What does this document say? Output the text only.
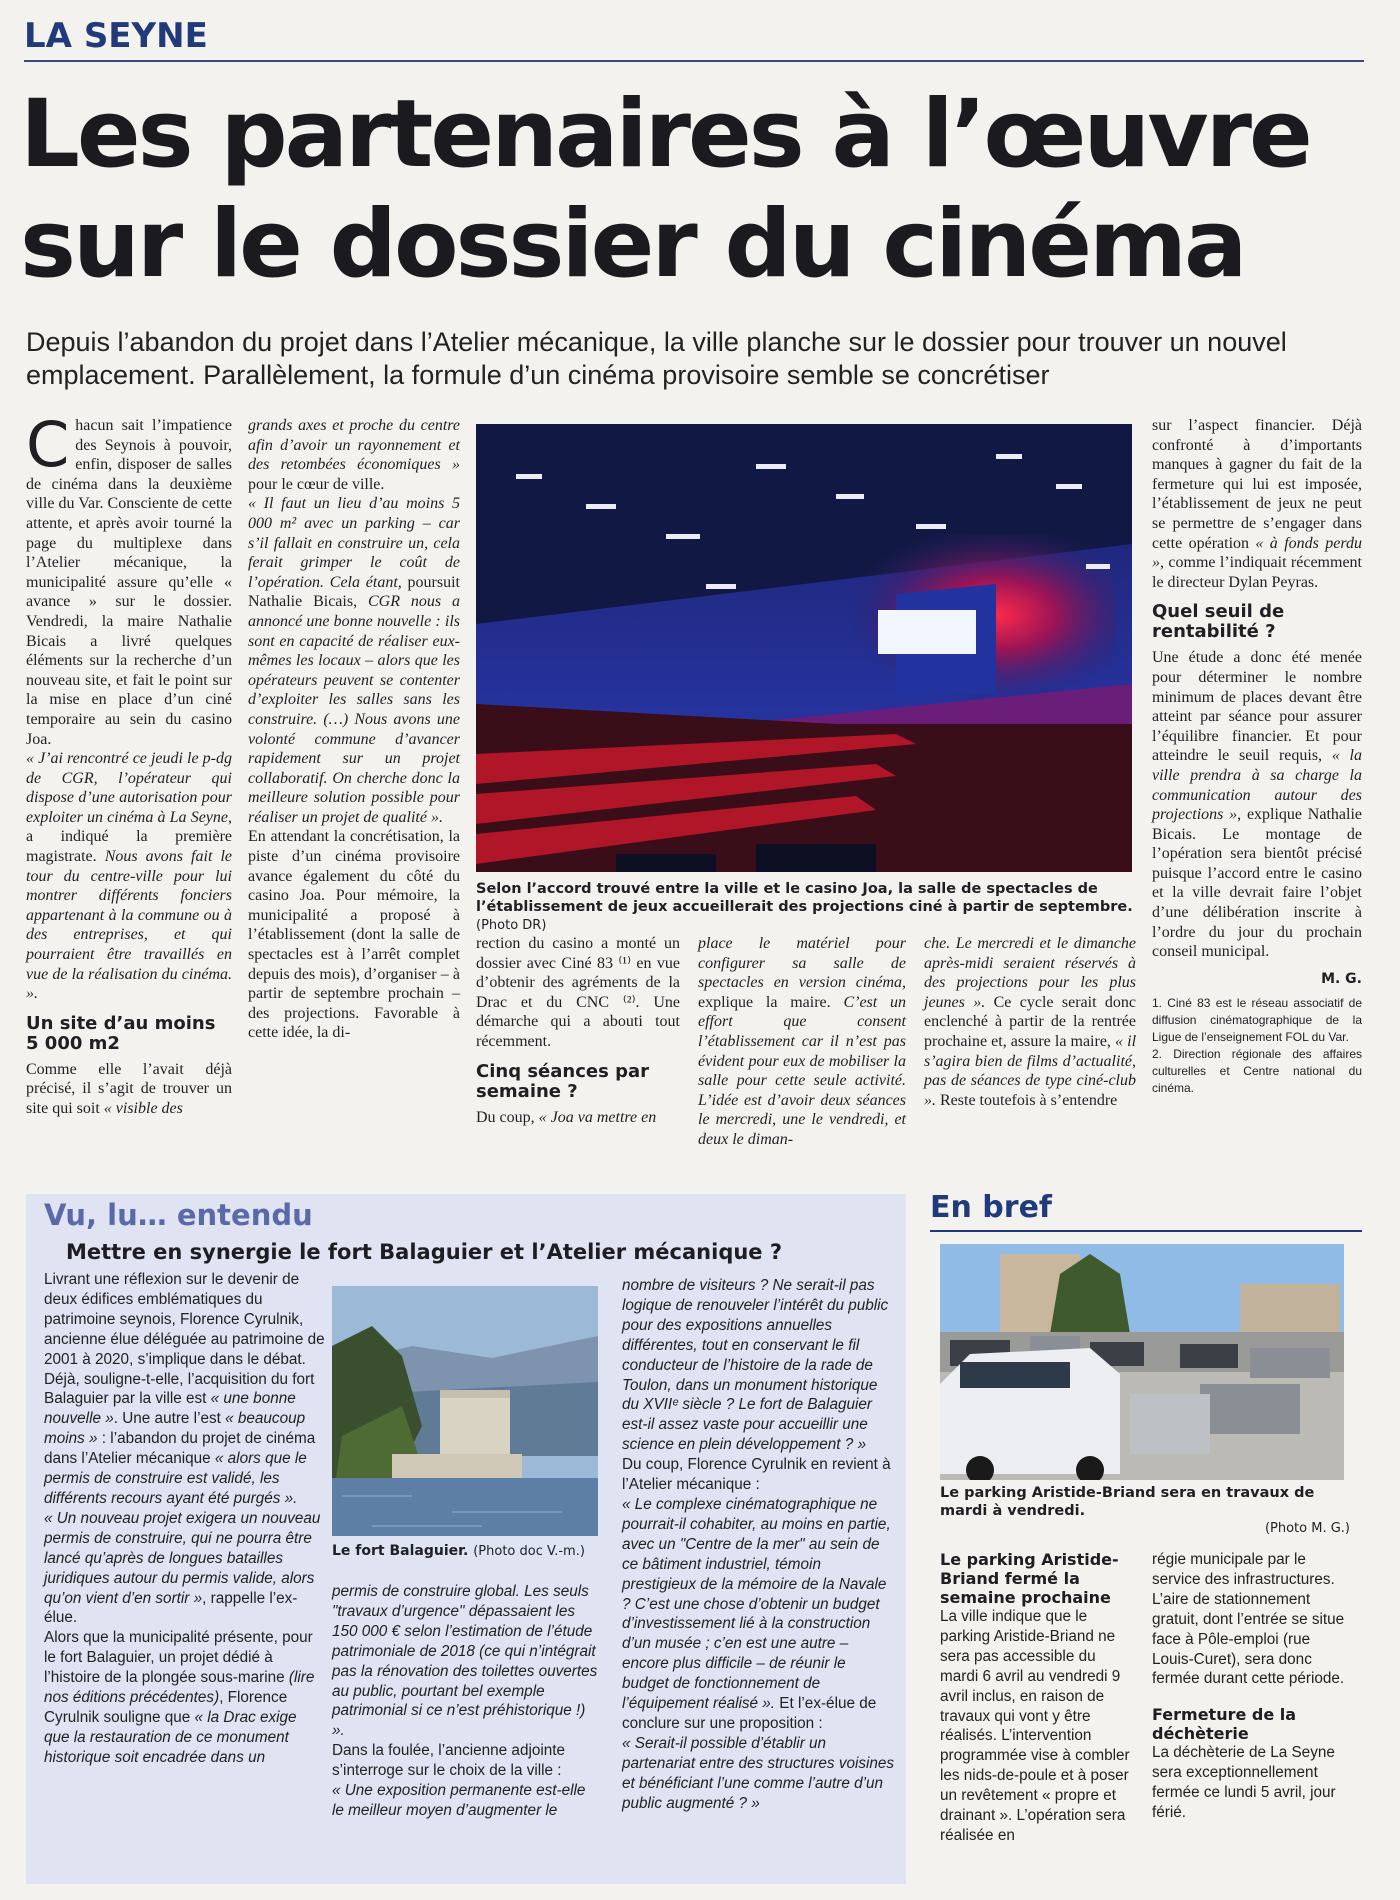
LA SEYNE
Les partenaires à l’œuvre
sur le dossier du cinéma
Depuis l’abandon du projet dans l’Atelier mécanique, la ville planche sur le dossier pour trouver un nouvel emplacement. Parallèlement, la formule d’un cinéma provisoire semble se concrétiser

Chacun sait l’impatience des Seynois à pouvoir, enfin, disposer de salles de cinéma dans la deuxième ville du Var. Consciente de cette attente, et après avoir tourné la page du multiplexe dans l’Atelier mécanique, la municipalité assure qu’elle « avance » sur le dossier. Vendredi, la maire Nathalie Bicais a livré quelques éléments sur la recherche d’un nouveau site, et fait le point sur la mise en place d’un ciné temporaire au sein du casino Joa.

« J’ai rencontré ce jeudi le p-dg de CGR, l’opérateur qui dispose d’une autorisation pour exploiter un cinéma à La Seyne, a indiqué la première magistrate. Nous avons fait le tour du centre-ville pour lui montrer différents fonciers appartenant à la commune ou à des entreprises, et qui pourraient être travaillés en vue de la réalisation du cinéma. ».

Un site d’au moins 5 000 m2

Comme elle l’avait déjà précisé, il s’agit de trouver un site qui soit « visible des

grands axes et proche du centre afin d’avoir un rayonnement et des retombées économiques » pour le cœur de ville.

« Il faut un lieu d’au moins 5 000 m² avec un parking – car s’il fallait en construire un, cela ferait grimper le coût de l’opération. Cela étant, poursuit Nathalie Bicais, CGR nous a annoncé une bonne nouvelle : ils sont en capacité de réaliser eux-mêmes les locaux – alors que les opérateurs peuvent se contenter d’exploiter les salles sans les construire. (…) Nous avons une volonté commune d’avancer rapidement sur un projet collaboratif. On cherche donc la meilleure solution possible pour réaliser un projet de qualité ».

En attendant la concrétisation, la piste d’un cinéma provisoire avance également du côté du casino Joa. Pour mémoire, la municipalité a proposé à l’établissement (dont la salle de spectacles est à l’arrêt complet depuis des mois), d’organiser – à partir de septembre prochain – des projections. Favorable à cette idée, la di-

Selon l’accord trouvé entre la ville et le casino Joa, la salle de spectacles de l’établissement de jeux accueillerait des projections ciné à partir de septembre. (Photo DR)

rection du casino a monté un dossier avec Ciné 83 ⁽¹⁾ en vue d’obtenir des agréments de la Drac et du CNC ⁽²⁾. Une démarche qui a abouti tout récemment.

Cinq séances par semaine ?

Du coup, « Joa va mettre en

place le matériel pour configurer sa salle de spectacles en version cinéma, explique la maire. C’est un effort que consent l’établissement car il n’est pas évident pour eux de mobiliser la salle pour cette seule activité. L’idée est d’avoir deux séances le mercredi, une le vendredi, et deux le diman-

che. Le mercredi et le dimanche après-midi seraient réservés à des projections pour les plus jeunes ». Ce cycle serait donc enclenché à partir de la rentrée prochaine et, assure la maire, « il s’agira bien de films d’actualité, pas de séances de type ciné-club ». Reste toutefois à s’entendre

sur l’aspect financier. Déjà confronté à d’importants manques à gagner du fait de la fermeture qui lui est imposée, l’établissement de jeux ne peut se permettre de s’engager dans cette opération « à fonds perdu », comme l’indiquait récemment le directeur Dylan Peyras.

Quel seuil de rentabilité ?

Une étude a donc été menée pour déterminer le nombre minimum de places devant être atteint par séance pour assurer l’équilibre financier. Et pour atteindre le seuil requis, « la ville prendra à sa charge la communication autour des projections », explique Nathalie Bicais. Le montage de l’opération sera bientôt précisé puisque l’accord entre le casino et la ville devrait faire l’objet d’une délibération inscrite à l’ordre du jour du prochain conseil municipal.

M. G.
1. Ciné 83 est le réseau associatif de diffusion cinématographique de la Ligue de l’enseignement FOL du Var.
2. Direction régionale des affaires culturelles et Centre national du cinéma.
Vu, lu… entendu
Mettre en synergie le fort Balaguier et l’Atelier mécanique ?
Livrant une réflexion sur le devenir de deux édifices emblématiques du patrimoine seynois, Florence Cyrulnik, ancienne élue déléguée au patrimoine de 2001 à 2020, s’implique dans le débat. Déjà, souligne-t-elle, l’acquisition du fort Balaguier par la ville est « une bonne nouvelle ». Une autre l’est « beaucoup moins » : l’abandon du projet de cinéma dans l’Atelier mécanique « alors que le permis de construire est validé, les différents recours ayant été purgés ».
« Un nouveau projet exigera un nouveau permis de construire, qui ne pourra être lancé qu’après de longues batailles juridiques autour du permis valide, alors qu’on vient d’en sortir », rappelle l’ex-élue.
Alors que la municipalité présente, pour le fort Balaguier, un projet dédié à l’histoire de la plongée sous-marine (lire nos éditions précédentes), Florence Cyrulnik souligne que « la Drac exige que la restauration de ce monument historique soit encadrée dans un
Le fort Balaguier. (Photo doc V.-m.)
permis de construire global. Les seuls "travaux d’urgence" dépassaient les 150 000 € selon l’estimation de l’étude patrimoniale de 2018 (ce qui n’intégrait pas la rénovation des toilettes ouvertes au public, pourtant bel exemple patrimonial si ce n’est préhistorique !) ».
Dans la foulée, l’ancienne adjointe s’interroge sur le choix de la ville :
« Une exposition permanente est-elle le meilleur moyen d’augmenter le
nombre de visiteurs ? Ne serait-il pas logique de renouveler l’intérêt du public pour des expositions annuelles différentes, tout en conservant le fil conducteur de l’histoire de la rade de Toulon, dans un monument historique du XVIIᵉ siècle ? Le fort de Balaguier est-il assez vaste pour accueillir une science en plein développement ? »
Du coup, Florence Cyrulnik en revient à l’Atelier mécanique :
« Le complexe cinématographique ne pourrait-il cohabiter, au moins en partie, avec un "Centre de la mer" au sein de ce bâtiment industriel, témoin prestigieux de la mémoire de la Navale ? C’est une chose d’obtenir un budget d’investissement lié à la construction d’un musée ; c’en est une autre – encore plus difficile – de réunir le budget de fonctionnement de l’équipement réalisé ». Et l’ex-élue de conclure sur une proposition :
« Serait-il possible d’établir un partenariat entre des structures voisines et bénéficiant l’une comme l’autre d’un public augmenté ? »
En bref
Le parking Aristide-Briand sera en travaux de mardi à vendredi.
(Photo M. G.)
Le parking Aristide-Briand fermé la semaine prochaine
La ville indique que le parking Aristide-Briand ne sera pas accessible du mardi 6 avril au vendredi 9 avril inclus, en raison de travaux qui vont y être réalisés. L’intervention programmée vise à combler les nids-de-poule et à poser un revêtement « propre et drainant ». L’opération sera réalisée en
régie municipale par le service des infrastructures. L’aire de stationnement gratuit, dont l’entrée se situe face à Pôle-emploi (rue Louis-Curet), sera donc fermée durant cette période.
Fermeture de la déchèterie
La déchèterie de La Seyne sera exceptionnellement fermée ce lundi 5 avril, jour férié.
